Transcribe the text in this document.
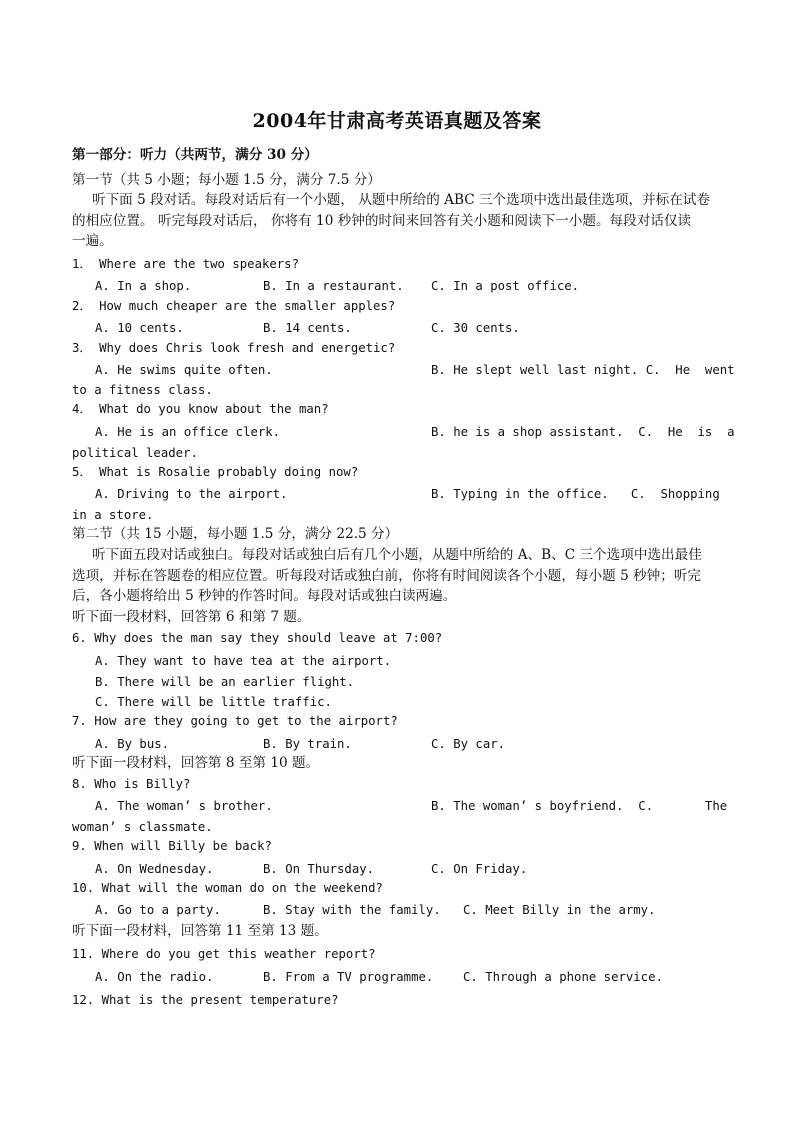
2004年甘肃高考英语真题及答案
第一部分：听力（共两节，满分 30 分）
第一节（共 5 小题；每小题 1.5 分，满分 7.5 分）
听下面 5 段对话。每段对话后有一个小题， 从题中所给的 ABC 三个选项中选出最佳选项，并标在试卷
的相应位置。 听完每段对话后， 你将有 10 秒钟的时间来回答有关小题和阅读下一小题。每段对话仅读
一遍。
1． Where are the two speakers?
A. In a shop.	B. In a restaurant. C. In a post office.
2． How much cheaper are the smaller apples?
A. 10 cents.	B. 14 cents.	C. 30 cents.
3． Why does Chris look fresh and energetic?
A. He swims quite often.	B. He slept well last night. C.  He  went
to a fitness class.
4． What do you know about the man?
A. He is an office clerk.	B. he is a shop assistant.  C.  He  is  a
political leader.
5． What is Rosalie probably doing now?
A. Driving to the airport.	B. Typing in the office.   C.  Shopping
in a store.
第二节（共 15 小题，每小题 1.5 分，满分 22.5 分）
听下面五段对话或独白。每段对话或独白后有几个小题，从题中所给的 A、B、C 三个选项中选出最佳
选项，并标在答题卷的相应位置。听每段对话或独白前，你将有时间阅读各个小题，每小题 5 秒钟；听完
后，各小题将给出 5 秒钟的作答时间。每段对话或独白读两遍。
听下面一段材料，回答第 6 和第 7 题。
6. Why does the man say they should leave at 7:00?
A. They want to have tea at the airport.
B. There will be an earlier flight.
C. There will be little traffic.
7. How are they going to get to the airport?
A. By bus.	B. By train.	C. By car.
听下面一段材料，回答第 8 至第 10 题。
8. Who is Billy?
A. The woman’ s brother.	B. The woman’ s boyfriend.  C.       The
woman’ s classmate.
9. When will Billy be back?
A. On Wednesday.	B. On Thursday.	C. On Friday.
10. What will the woman do on the weekend?
A. Go to a party.	B. Stay with the family. C. Meet Billy in the army.
听下面一段材料，回答第 11 至第 13 题。
11. Where do you get this weather report?
A. On the radio.	B. From a TV programme. C. Through a phone service.
12. What is the present temperature?
